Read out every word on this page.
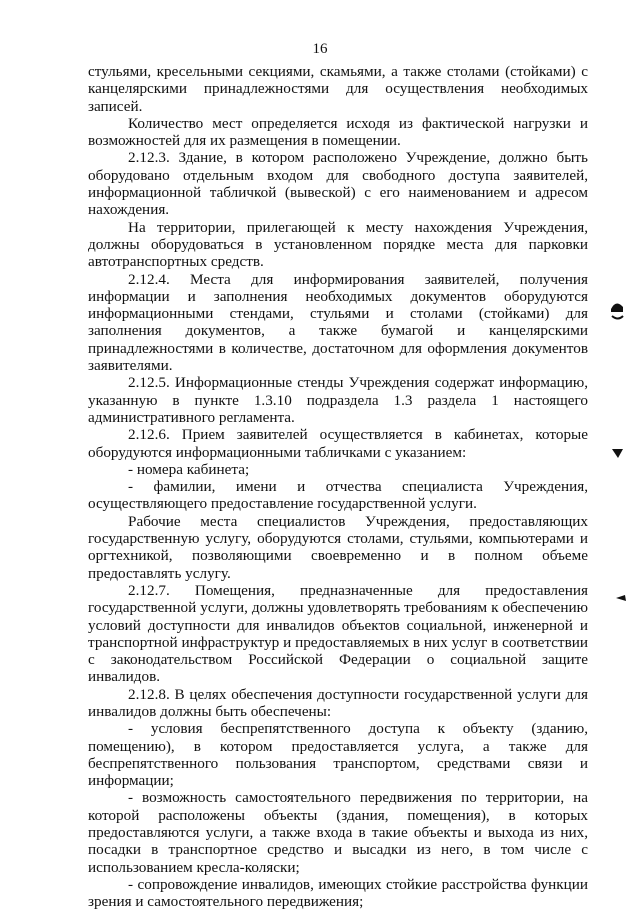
16

стульями, кресельными секциями, скамьями, а также столами (стойками) с канцелярскими принадлежностями для осуществления необходимых записей.

Количество мест определяется исходя из фактической нагрузки и возможностей для их размещения в помещении.

2.12.3. Здание, в котором расположено Учреждение, должно быть оборудовано отдельным входом для свободного доступа заявителей, информационной табличкой (вывеской) с его наименованием и адресом нахождения.

На территории, прилегающей к месту нахождения Учреждения, должны оборудоваться в установленном порядке места для парковки автотранспортных средств.

2.12.4. Места для информирования заявителей, получения информации и заполнения необходимых документов оборудуются информационными стендами, стульями и столами (стойками) для заполнения документов, а также бумагой и канцелярскими принадлежностями в количестве, достаточном для оформления документов заявителями.

2.12.5. Информационные стенды Учреждения содержат информацию, указанную в пункте 1.3.10 подраздела 1.3 раздела 1 настоящего административного регламента.

2.12.6. Прием заявителей осуществляется в кабинетах, которые оборудуются информационными табличками с указанием:

- номера кабинета;

- фамилии, имени и отчества специалиста Учреждения, осуществляющего предоставление государственной услуги.

Рабочие места специалистов Учреждения, предоставляющих государственную услугу, оборудуются столами, стульями, компьютерами и оргтехникой, позволяющими своевременно и в полном объеме предоставлять услугу.

2.12.7. Помещения, предназначенные для предоставления государственной услуги, должны удовлетворять требованиям к обеспечению условий доступности для инвалидов объектов социальной, инженерной и транспортной инфраструктур и предоставляемых в них услуг в соответствии с законодательством Российской Федерации о социальной защите инвалидов.

2.12.8. В целях обеспечения доступности государственной услуги для инвалидов должны быть обеспечены:

- условия беспрепятственного доступа к объекту (зданию, помещению), в котором предоставляется услуга, а также для беспрепятственного пользования транспортом, средствами связи и информации;

- возможность самостоятельного передвижения по территории, на которой расположены объекты (здания, помещения), в которых предоставляются услуги, а также входа в такие объекты и выхода из них, посадки в транспортное средство и высадки из него, в том числе с использованием кресла-коляски;

- сопровождение инвалидов, имеющих стойкие расстройства функции зрения и самостоятельного передвижения;
